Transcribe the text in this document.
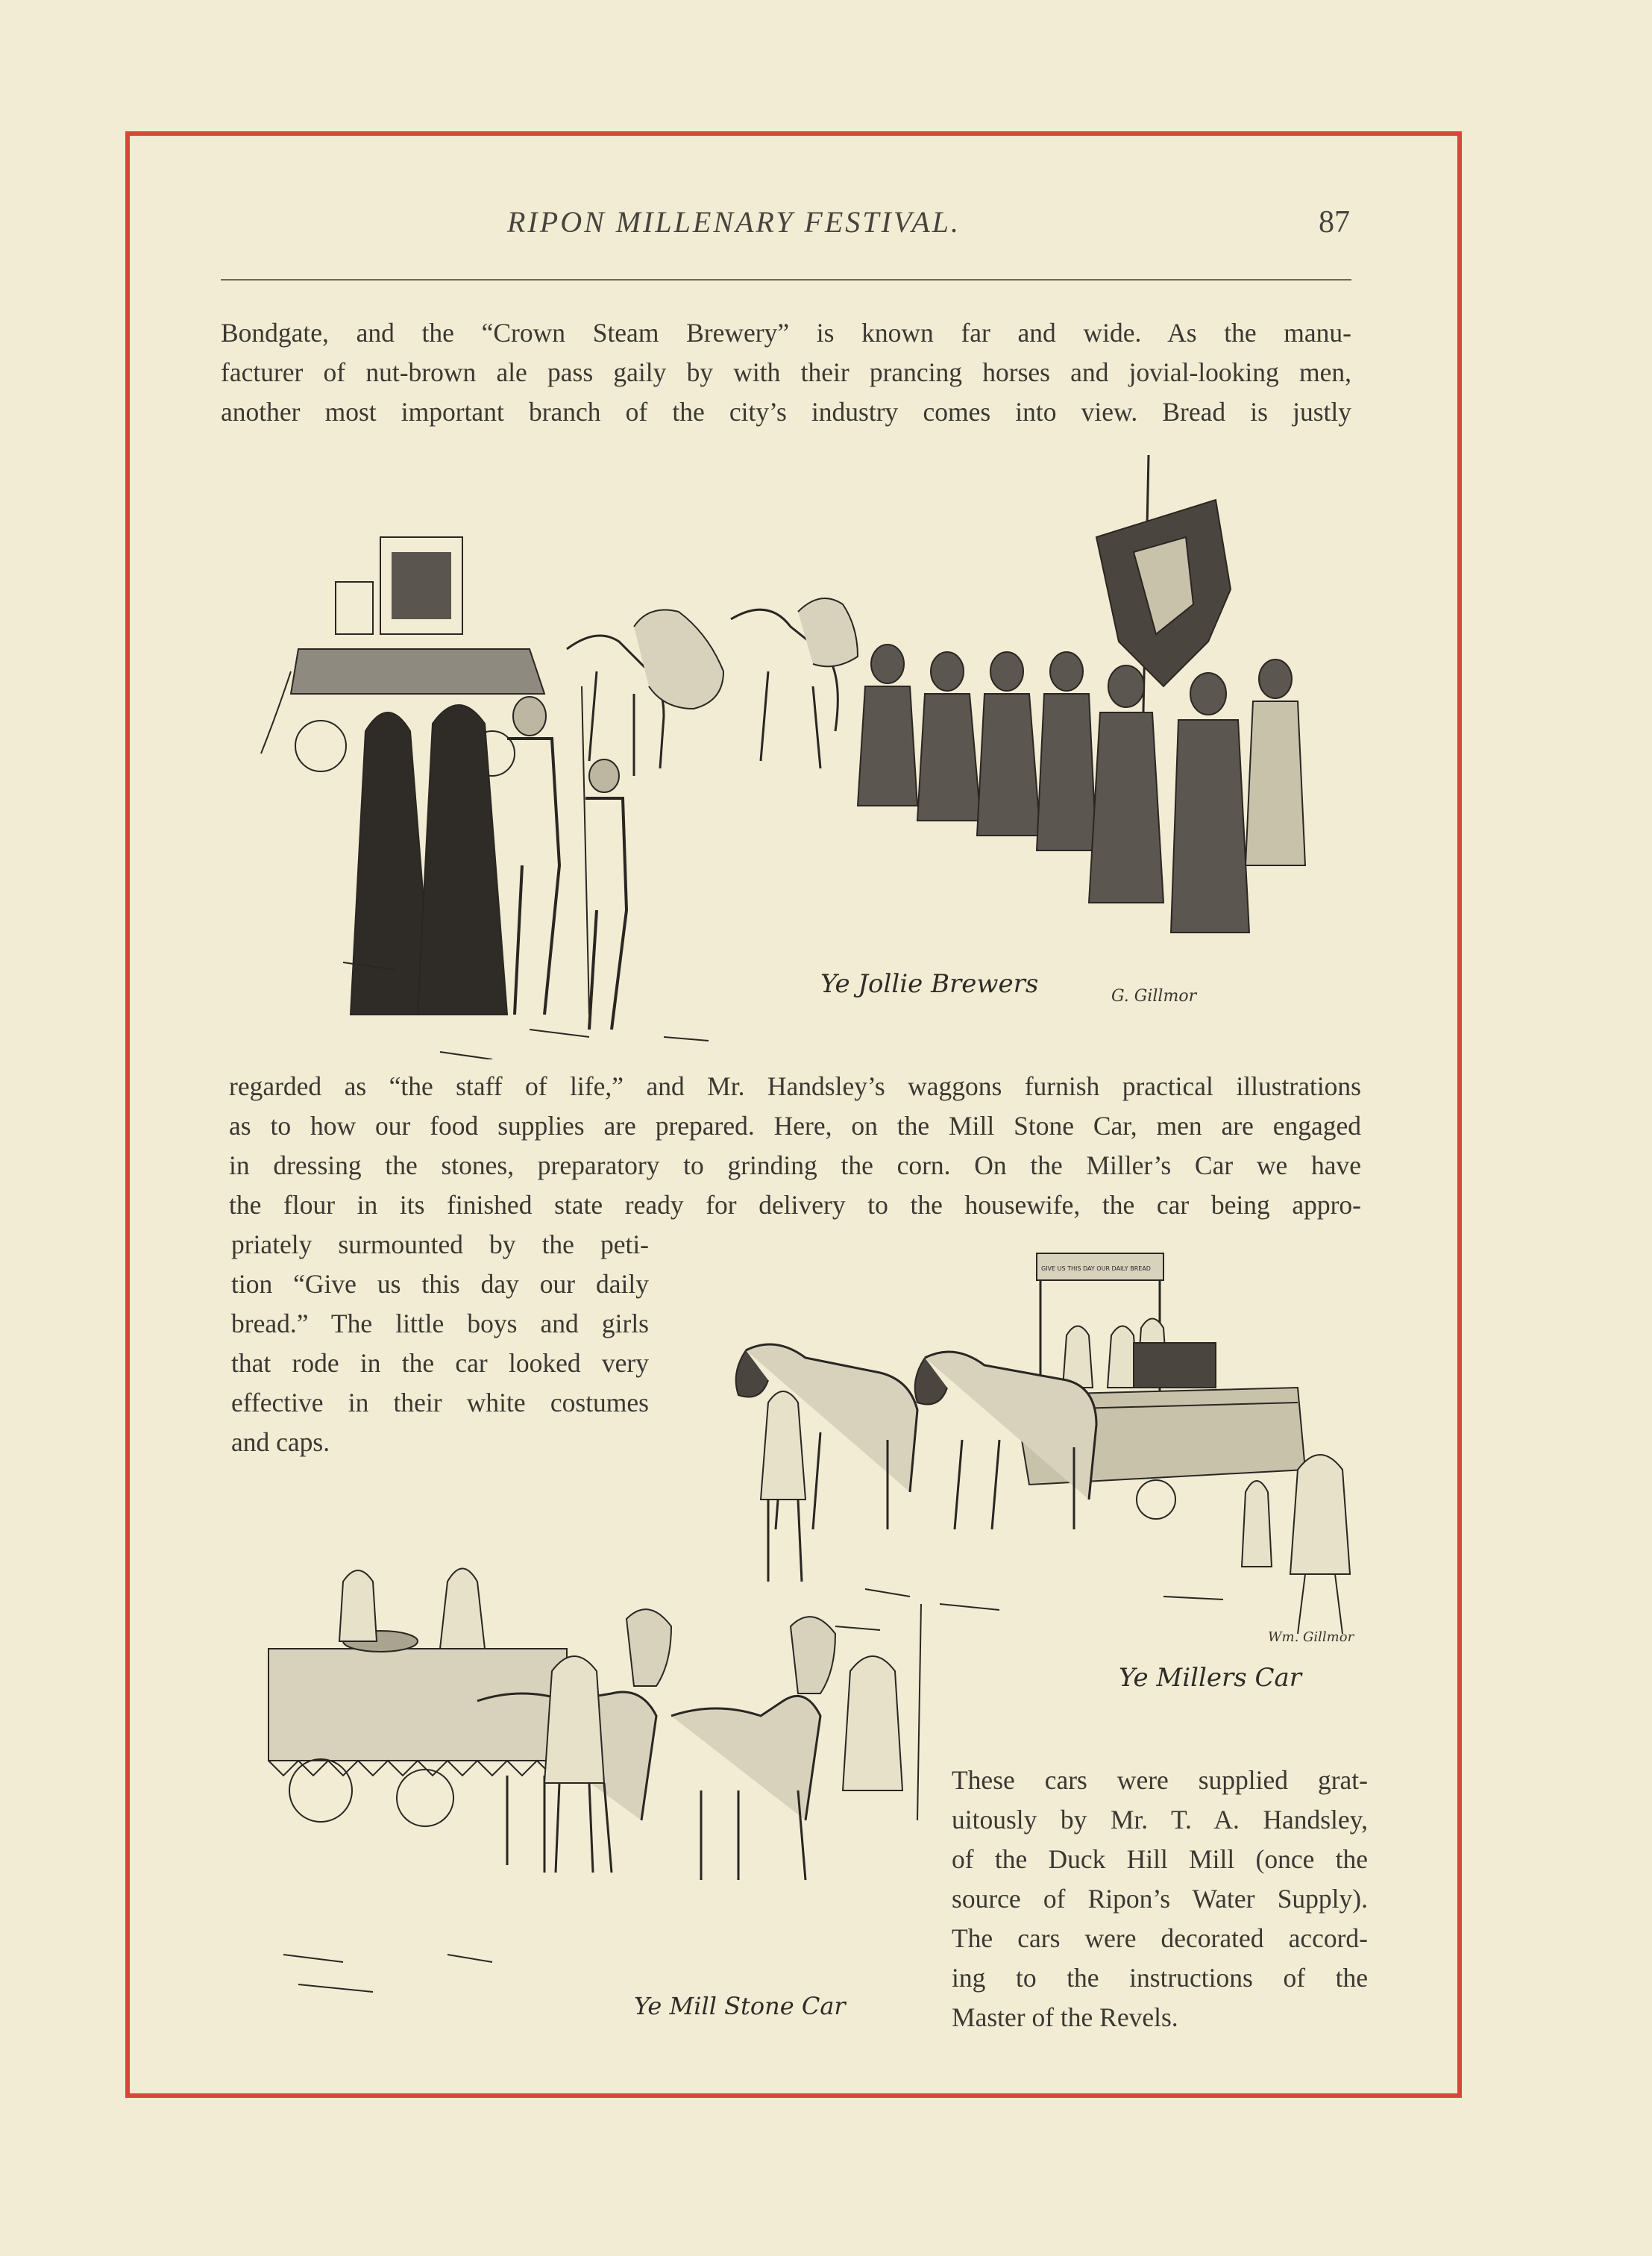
RIPON MILLENARY FESTIVAL.	87
Bondgate, and the “Crown Steam Brewery” is known far and wide. As the manu-
facturer of nut-brown ale pass gaily by with their prancing horses and jovial-looking men,
another most important branch of the city’s industry comes into view. Bread is justly
Ye Jollie Brewers	G. Gillmor
regarded as “the staff of life,” and Mr. Handsley’s waggons furnish practical illustrations
as to how our food supplies are prepared. Here, on the Mill Stone Car, men are engaged
in dressing the stones, preparatory to grinding the corn. On the Miller’s Car we have
the flour in its finished state ready for delivery to the housewife, the car being appro-
priately surmounted by the peti-
tion “Give us this day our daily
bread.” The little boys and girls
that rode in the car looked very
effective in their white costumes
and caps.
GIVE US THIS DAY OUR DAILY BREAD
Ye Millers Car
Wm. Gillmor
Ye Mill Stone Car
These cars were supplied grat-
uitously by Mr. T. A. Handsley,
of the Duck Hill Mill (once the
source of Ripon’s Water Supply).
The cars were decorated accord-
ing to the instructions of the
Master of the Revels.
